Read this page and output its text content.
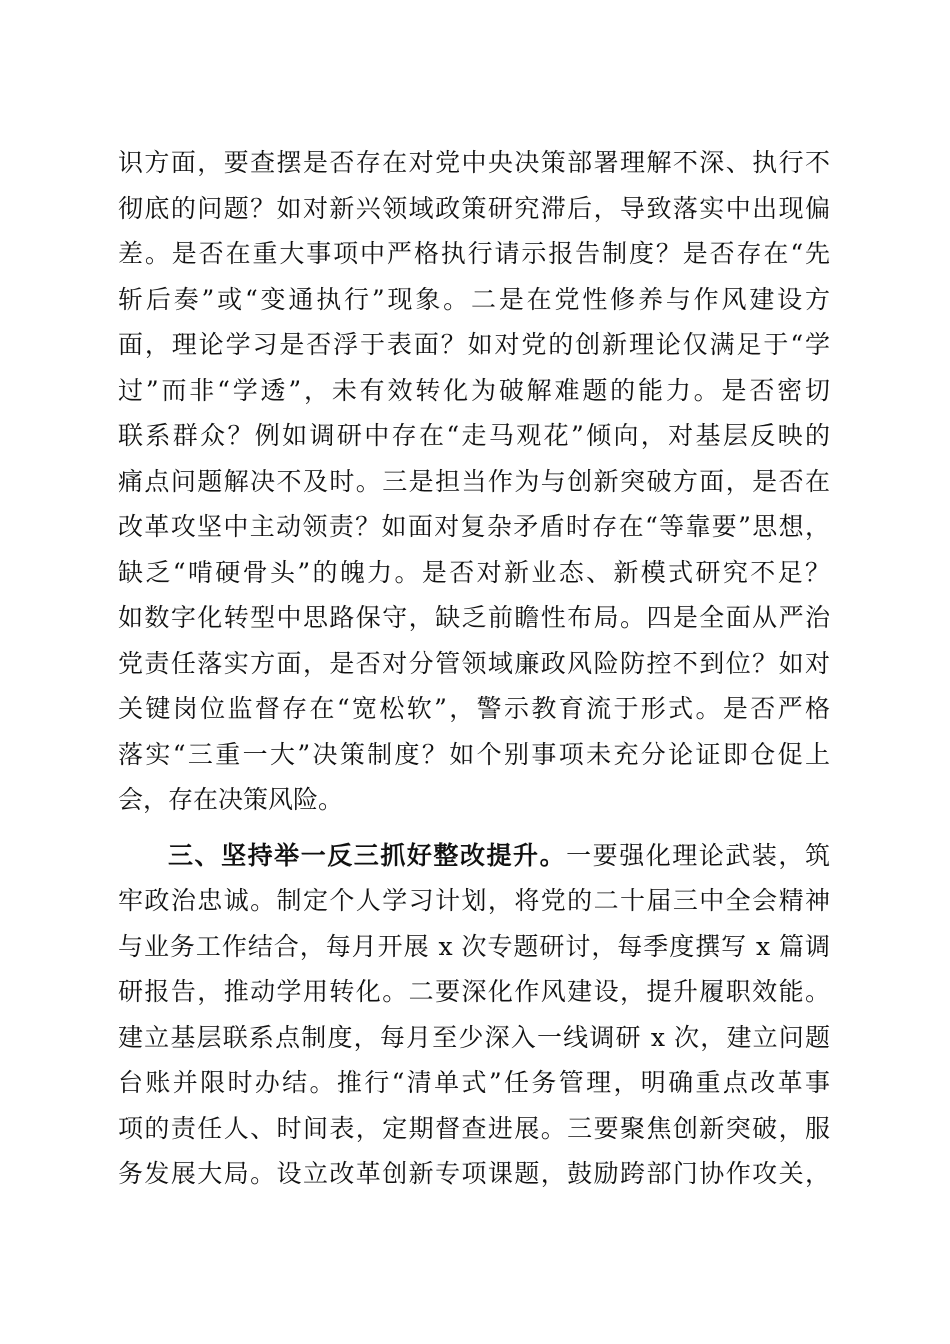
识方面，要查摆是否存在对党中央决策部署理解不深、执行不
彻底的问题？如对新兴领域政策研究滞后，导致落实中出现偏
差。是否在重大事项中严格执行请示报告制度？是否存在“先
斩后奏”或“变通执行”现象。二是在党性修养与作风建设方
面，理论学习是否浮于表面？如对党的创新理论仅满足于“学
过”而非“学透”，未有效转化为破解难题的能力。是否密切
联系群众？例如调研中存在“走马观花”倾向，对基层反映的
痛点问题解决不及时。三是担当作为与创新突破方面，是否在
改革攻坚中主动领责？如面对复杂矛盾时存在“等靠要”思想，
缺乏“啃硬骨头”的魄力。是否对新业态、新模式研究不足？
如数字化转型中思路保守，缺乏前瞻性布局。四是全面从严治
党责任落实方面，是否对分管领域廉政风险防控不到位？如对
关键岗位监督存在“宽松软”，警示教育流于形式。是否严格
落实“三重一大”决策制度？如个别事项未充分论证即仓促上
会，存在决策风险。
三、坚持举一反三抓好整改提升。一要强化理论武装，筑
牢政治忠诚。制定个人学习计划，将党的二十届三中全会精神
与业务工作结合，每月开展 x 次专题研讨，每季度撰写 x 篇调
研报告，推动学用转化。二要深化作风建设，提升履职效能。
建立基层联系点制度，每月至少深入一线调研 x 次，建立问题
台账并限时办结。推行“清单式”任务管理，明确重点改革事
项的责任人、时间表，定期督查进展。三要聚焦创新突破，服
务发展大局。设立改革创新专项课题，鼓励跨部门协作攻关，
